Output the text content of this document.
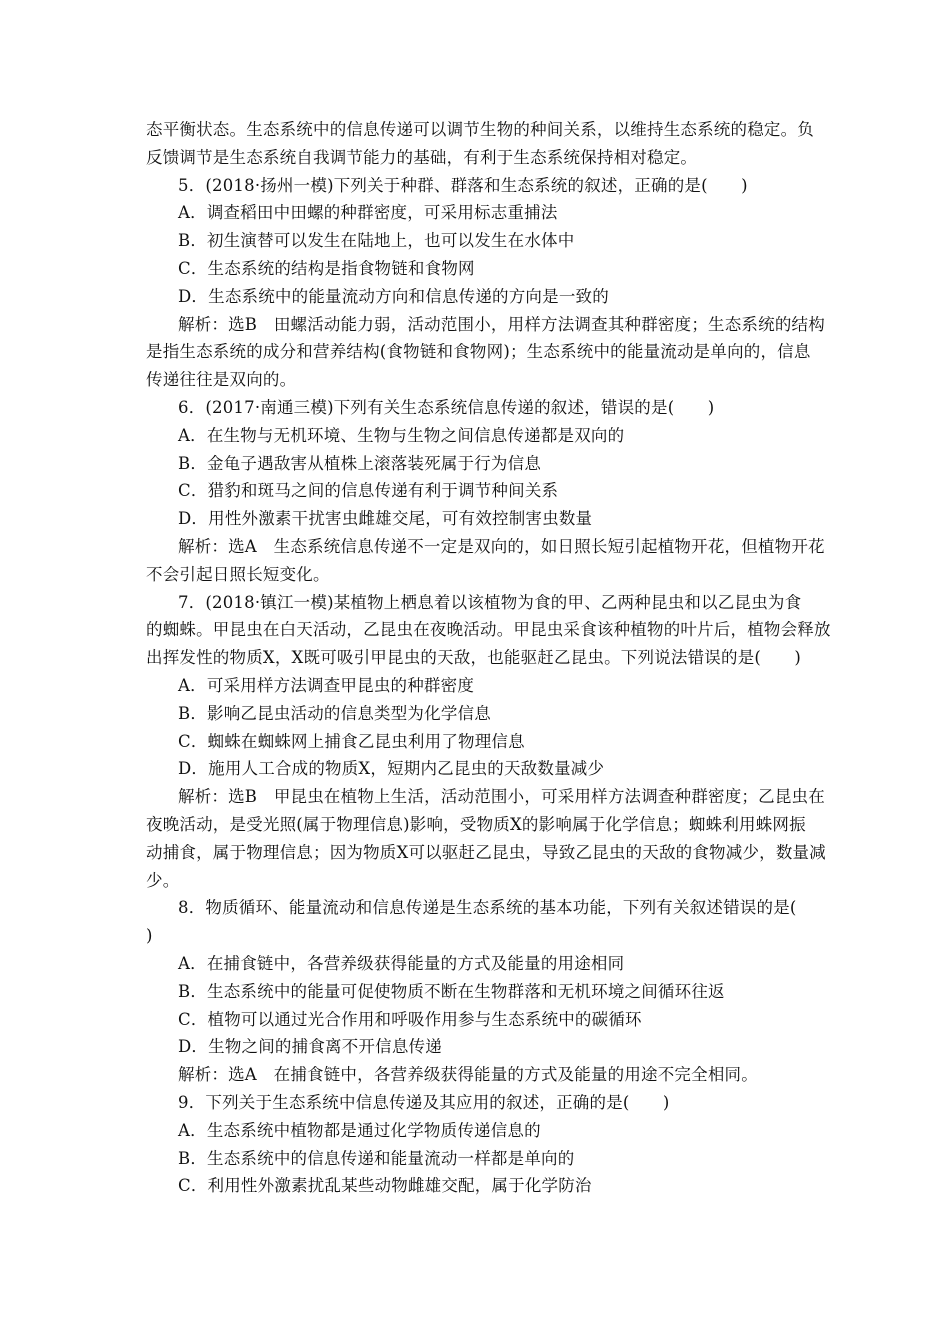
态平衡状态。生态系统中的信息传递可以调节生物的种间关系，以维持生态系统的稳定。负
反馈调节是生态系统自我调节能力的基础，有利于生态系统保持相对稳定。
5．(2018·扬州一模)下列关于种群、群落和生态系统的叙述，正确的是(　　)
A．调查稻田中田螺的种群密度，可采用标志重捕法
B．初生演替可以发生在陆地上，也可以发生在水体中
C．生态系统的结构是指食物链和食物网
D．生态系统中的能量流动方向和信息传递的方向是一致的
解析：选B　田螺活动能力弱，活动范围小，用样方法调查其种群密度；生态系统的结构
是指生态系统的成分和营养结构(食物链和食物网)；生态系统中的能量流动是单向的，信息
传递往往是双向的。
6．(2017·南通三模)下列有关生态系统信息传递的叙述，错误的是(　　)
A．在生物与无机环境、生物与生物之间信息传递都是双向的
B．金龟子遇敌害从植株上滚落装死属于行为信息
C．猎豹和斑马之间的信息传递有利于调节种间关系
D．用性外激素干扰害虫雌雄交尾，可有效控制害虫数量
解析：选A　生态系统信息传递不一定是双向的，如日照长短引起植物开花，但植物开花
不会引起日照长短变化。
7．(2018·镇江一模)某植物上栖息着以该植物为食的甲、乙两种昆虫和以乙昆虫为食
的蜘蛛。甲昆虫在白天活动，乙昆虫在夜晚活动。甲昆虫采食该种植物的叶片后，植物会释放
出挥发性的物质X，X既可吸引甲昆虫的天敌，也能驱赶乙昆虫。下列说法错误的是(　　)
A．可采用样方法调查甲昆虫的种群密度
B．影响乙昆虫活动的信息类型为化学信息
C．蜘蛛在蜘蛛网上捕食乙昆虫利用了物理信息
D．施用人工合成的物质X，短期内乙昆虫的天敌数量减少
解析：选B　甲昆虫在植物上生活，活动范围小，可采用样方法调查种群密度；乙昆虫在
夜晚活动，是受光照(属于物理信息)影响，受物质X的影响属于化学信息；蜘蛛利用蛛网振
动捕食，属于物理信息；因为物质X可以驱赶乙昆虫，导致乙昆虫的天敌的食物减少，数量减
少。
8．物质循环、能量流动和信息传递是生态系统的基本功能，下列有关叙述错误的是(
)
A．在捕食链中，各营养级获得能量的方式及能量的用途相同
B．生态系统中的能量可促使物质不断在生物群落和无机环境之间循环往返
C．植物可以通过光合作用和呼吸作用参与生态系统中的碳循环
D．生物之间的捕食离不开信息传递
解析：选A　在捕食链中，各营养级获得能量的方式及能量的用途不完全相同。
9．下列关于生态系统中信息传递及其应用的叙述，正确的是(　　)
A．生态系统中植物都是通过化学物质传递信息的
B．生态系统中的信息传递和能量流动一样都是单向的
C．利用性外激素扰乱某些动物雌雄交配，属于化学防治
